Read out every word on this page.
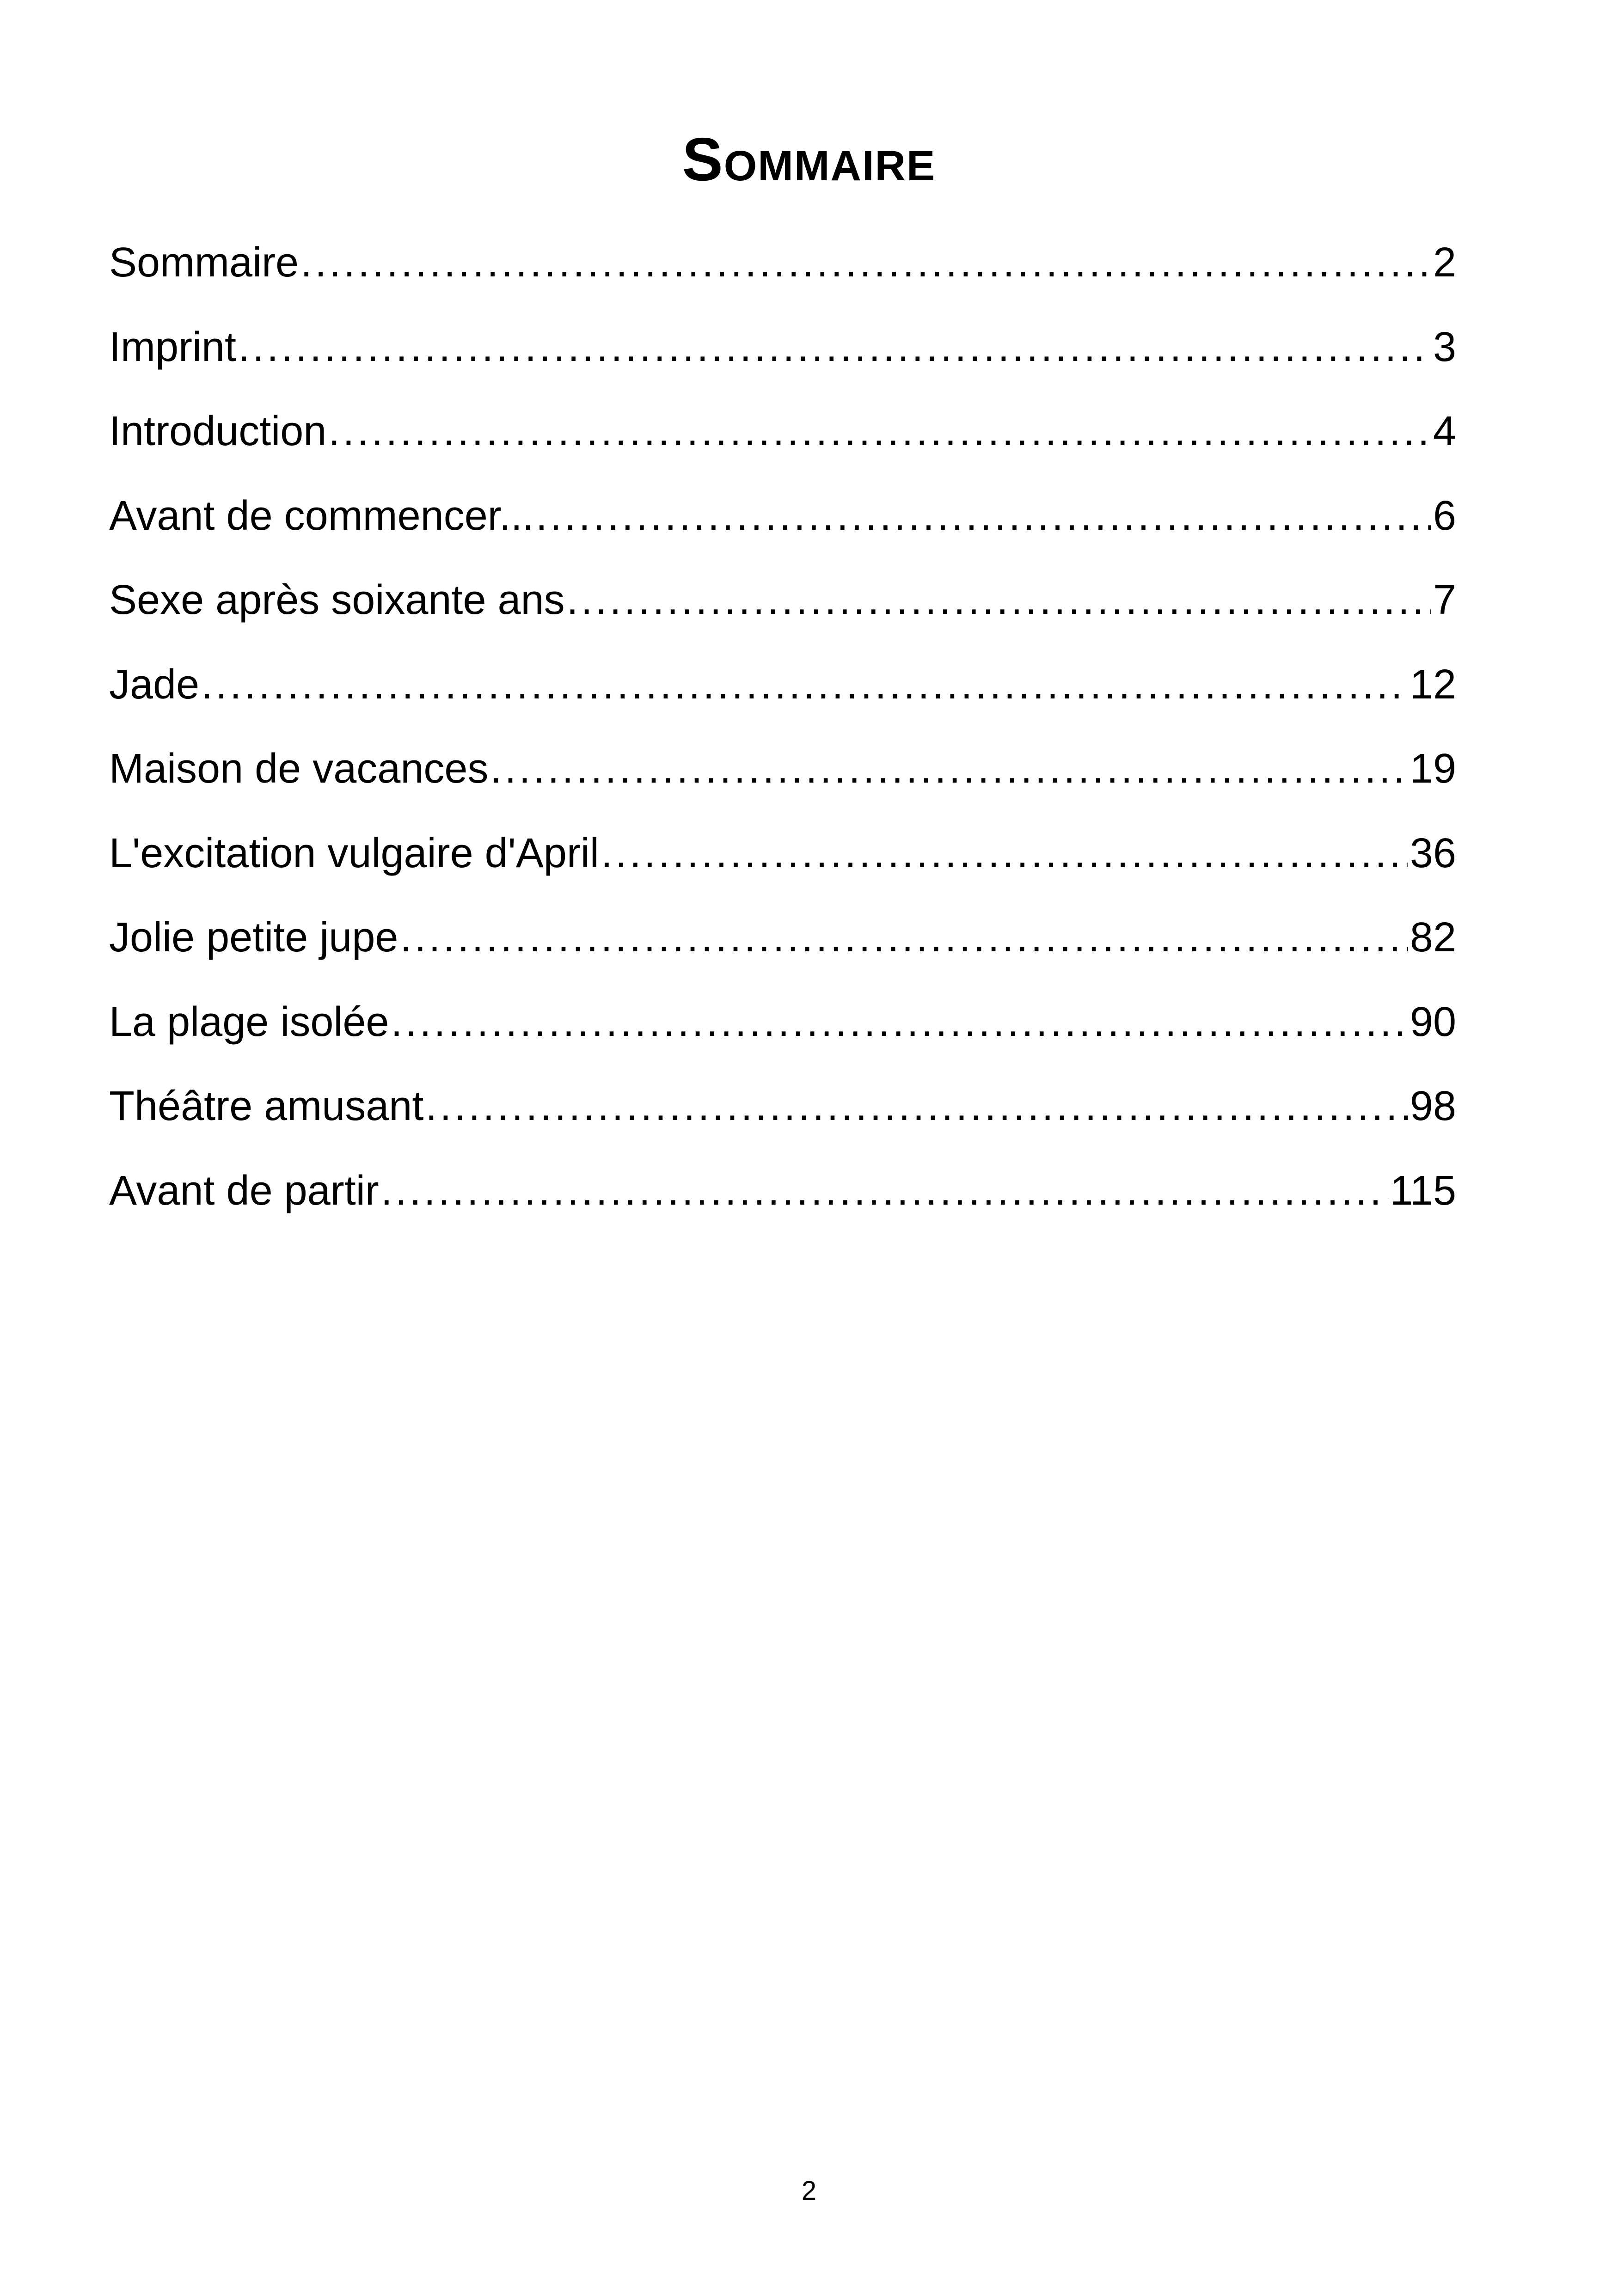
Sommaire
Sommaire .....	2
Imprint .....	3
Introduction .....	4
Avant de commencer... .....	6
Sexe après soixante ans .....	7
Jade .....	12
Maison de vacances .....	19
L'excitation vulgaire d'April .....	36
Jolie petite jupe .....	82
La plage isolée .....	90
Théâtre amusant .....	98
Avant de partir .....	115
2
